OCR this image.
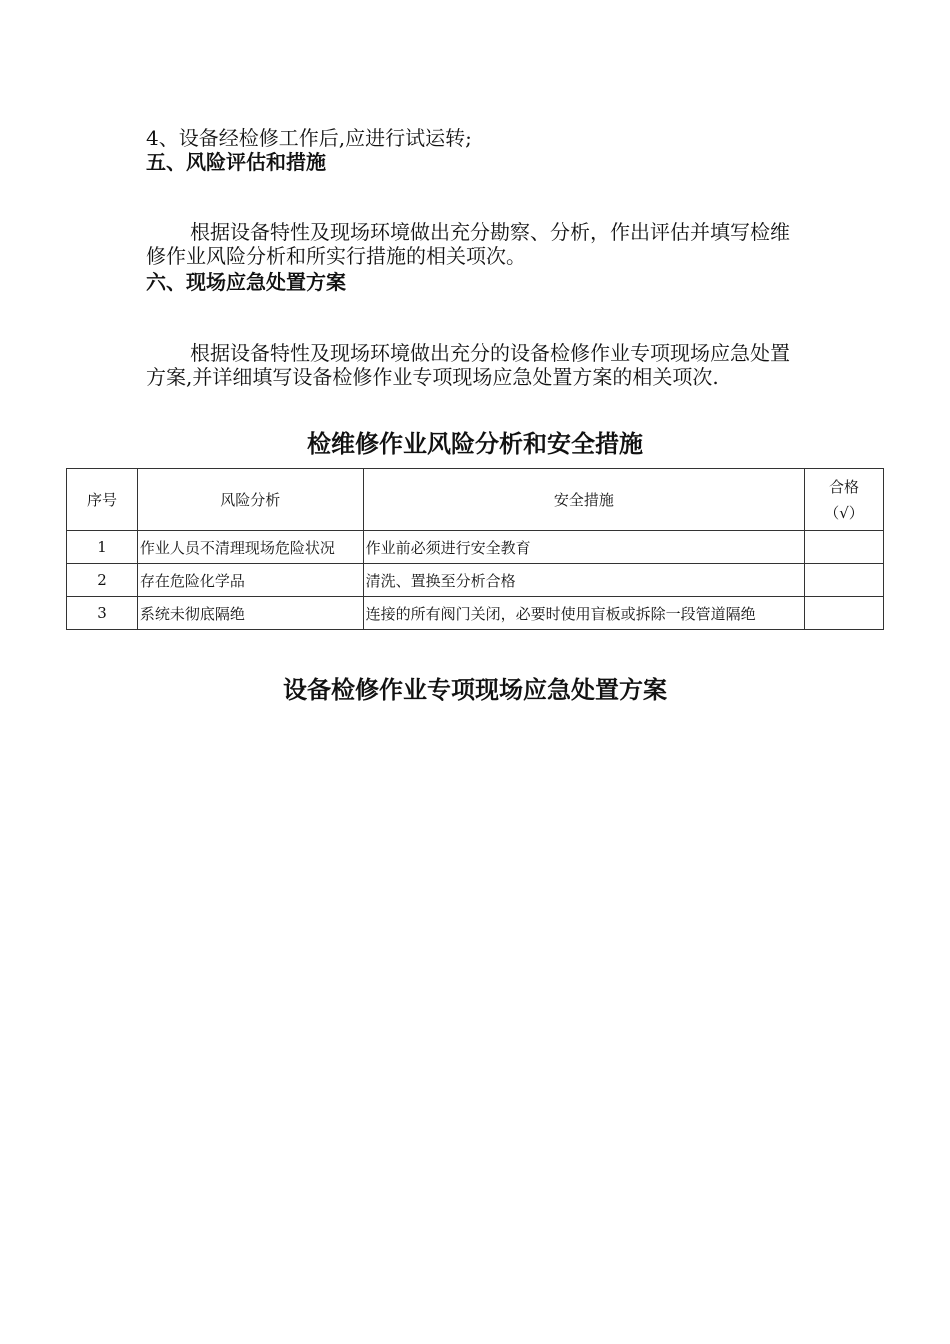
4、设备经检修工作后,应进行试运转;
五、风险评估和措施
根据设备特性及现场环境做出充分勘察、分析，作出评估并填写检维修作业风险分析和所实行措施的相关项次。
六、现场应急处置方案
根据设备特性及现场环境做出充分的设备检修作业专项现场应急处置方案,并详细填写设备检修作业专项现场应急处置方案的相关项次.
检维修作业风险分析和安全措施
序号	风险分析	安全措施	合格
（√）

1	作业人员不清理现场危险状况	作业前必须进行安全教育	
2	存在危险化学品	清洗、置换至分析合格	
3	系统未彻底隔绝	连接的所有阀门关闭，必要时使用盲板或拆除一段管道隔绝	
设备检修作业专项现场应急处置方案
